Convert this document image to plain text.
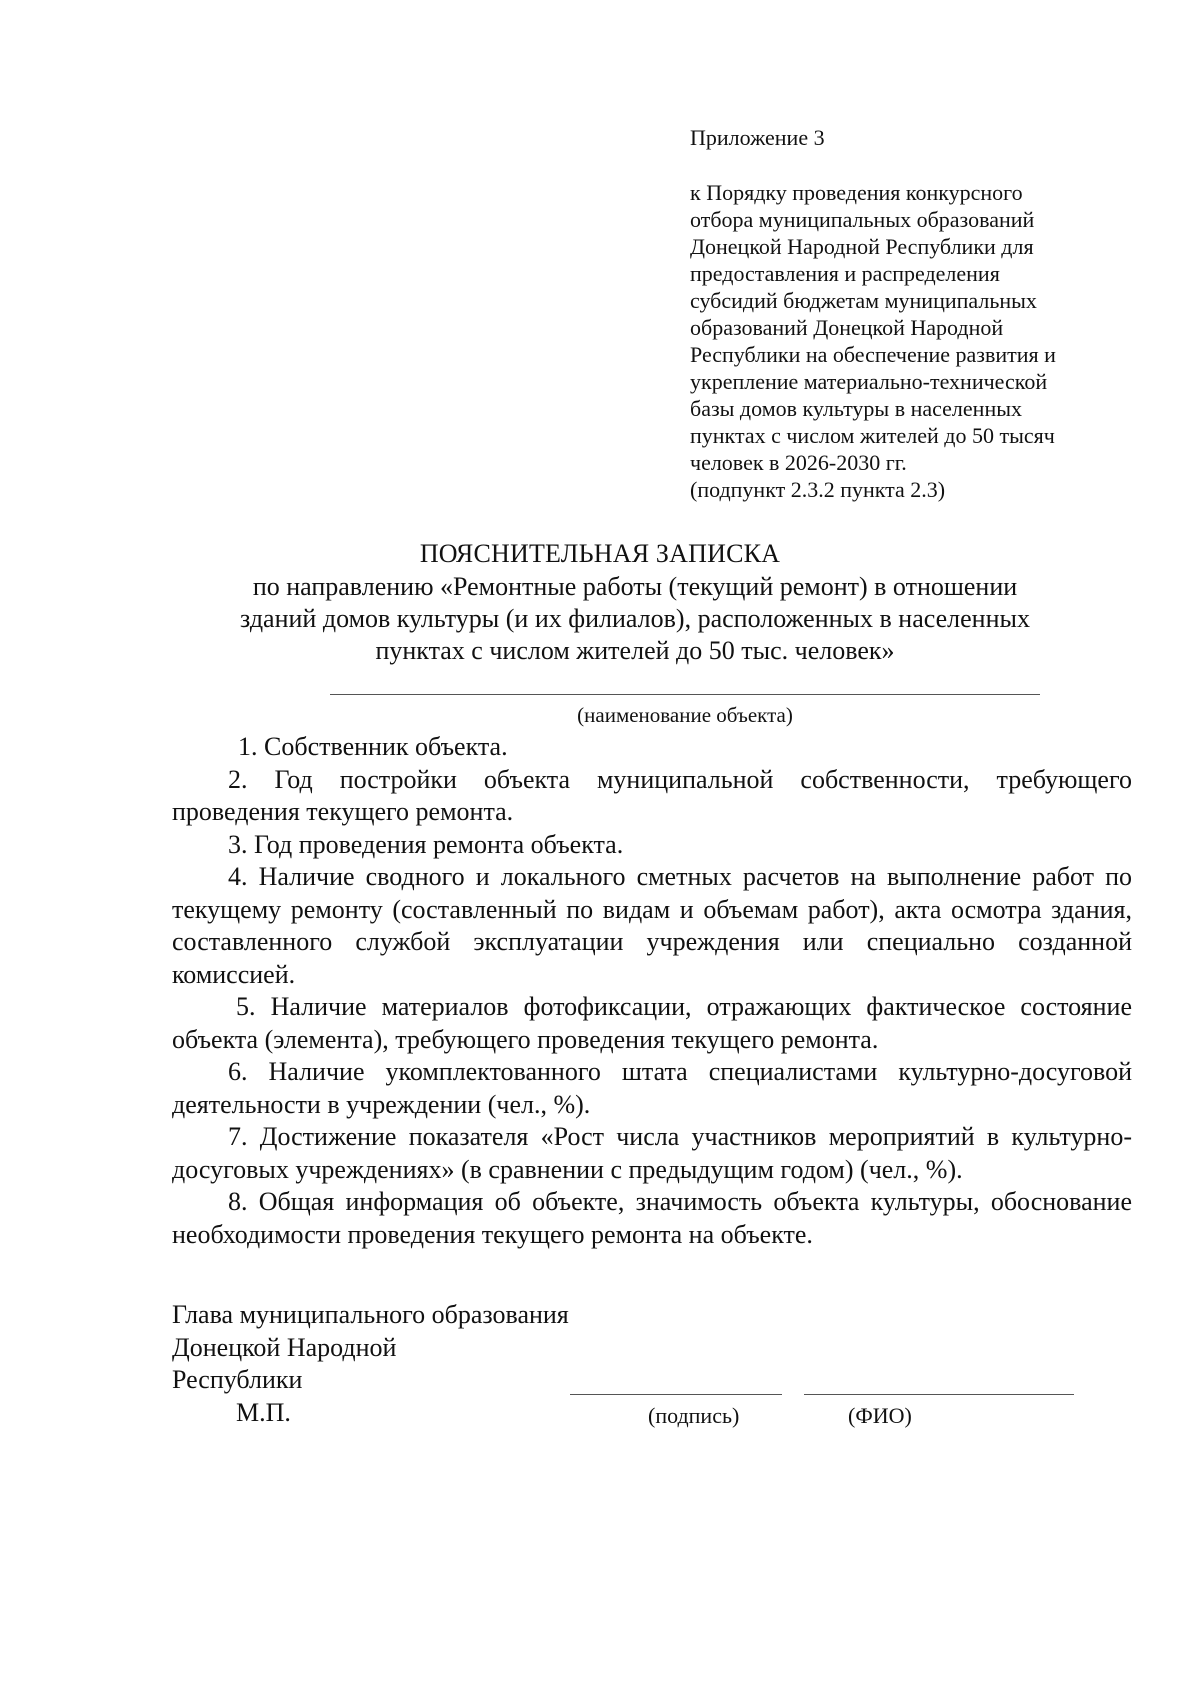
Приложение 3
к Порядку проведения конкурсного
отбора муниципальных образований
Донецкой Народной Республики для
предоставления и распределения
субсидий бюджетам муниципальных
образований Донецкой Народной
Республики на обеспечение развития и
укрепление материально-технической
базы домов культуры в населенных
пунктах с числом жителей до 50 тысяч
человек в 2026-2030 гг.
(подпункт 2.3.2 пункта 2.3)
ПОЯСНИТЕЛЬНАЯ ЗАПИСКА
по направлению «Ремонтные работы (текущий ремонт) в отношении
зданий домов культуры (и их филиалов), расположенных в населенных
пунктах с числом жителей до 50 тыс. человек»
(наименование объекта)

1. Собственник объекта.

2. Год постройки объекта муниципальной собственности, требующего проведения текущего ремонта.

3. Год проведения ремонта объекта.

4. Наличие сводного и локального сметных расчетов на выполнение работ по текущему ремонту (составленный по видам и объемам работ), акта осмотра здания, составленного службой эксплуатации учреждения или специально созданной комиссией.

5. Наличие материалов фотофиксации, отражающих фактическое состояние объекта (элемента), требующего проведения текущего ремонта.

6. Наличие укомплектованного штата специалистами культурно-досуговой деятельности в учреждении (чел., %).

7. Достижение показателя «Рост числа участников мероприятий в культурно-досуговых учреждениях» (в сравнении с предыдущим годом) (чел., %).

8. Общая информация об объекте, значимость объекта культуры, обоснование необходимости проведения текущего ремонта на объекте.

Глава муниципального образования
Донецкой Народной
Республики
М.П.	(подпись)	(ФИО)
